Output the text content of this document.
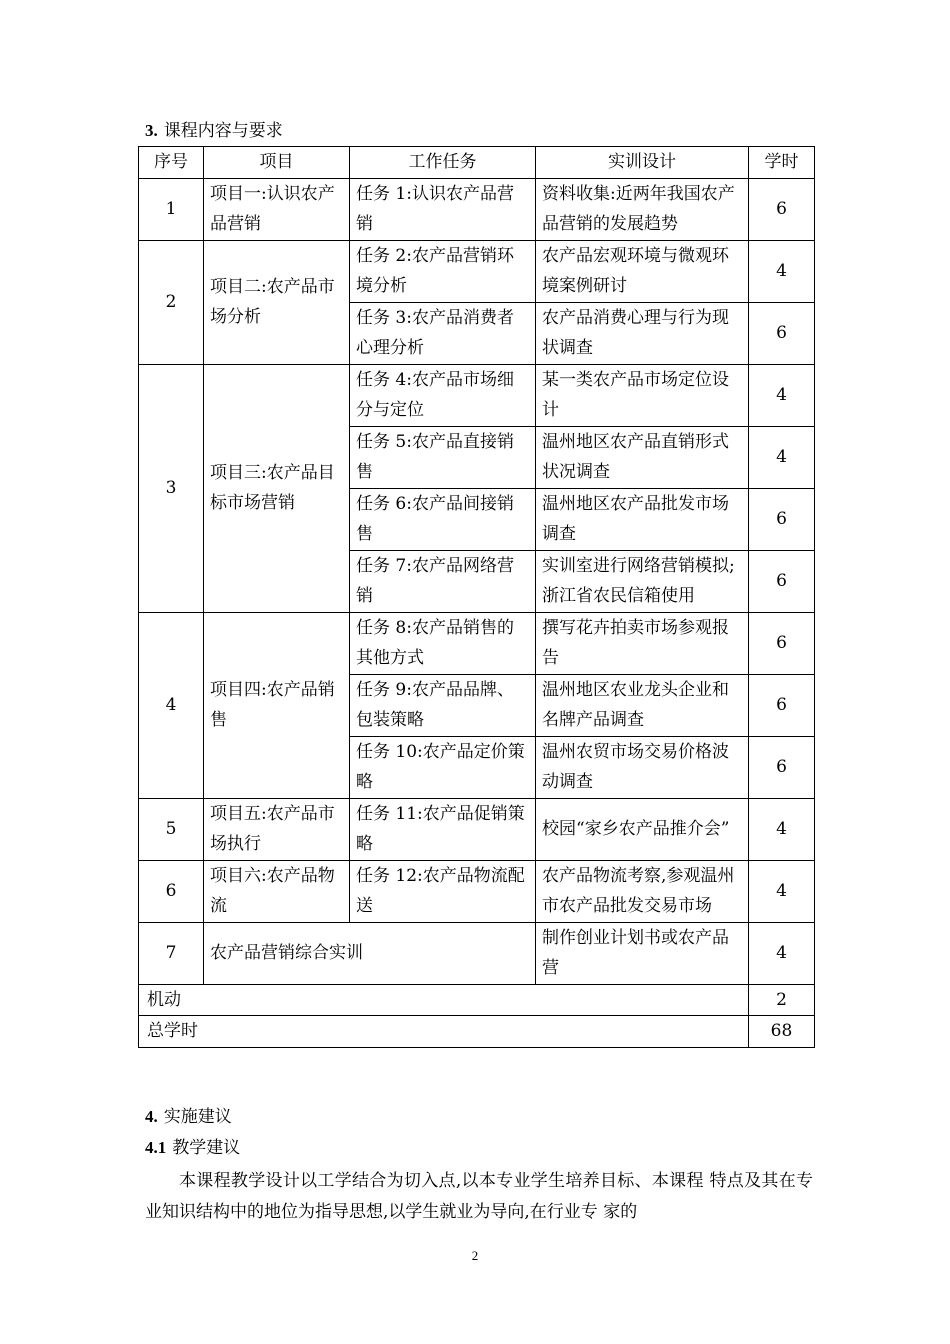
3. 课程内容与要求
序号	项目	工作任务	实训设计	学时
1	项目一:认识农产品营销	任务 1:认识农产品营销	资料收集:近两年我国农产品营销的发展趋势	6
2	项目二:农产品市场分析	任务 2:农产品营销环境分析	农产品宏观环境与微观环境案例研讨	4
		任务 3:农产品消费者心理分析	农产品消费心理与行为现状调查	6
3	项目三:农产品目标市场营销	任务 4:农产品市场细分与定位	某一类农产品市场定位设计	4
		任务 5:农产品直接销售	温州地区农产品直销形式状况调查	4
		任务 6:农产品间接销售	温州地区农产品批发市场调查	6
		任务 7:农产品网络营销	实训室进行网络营销模拟;浙江省农民信箱使用	6
4	项目四:农产品销售	任务 8:农产品销售的其他方式	撰写花卉拍卖市场参观报告	6
		任务 9:农产品品牌、包装策略	温州地区农业龙头企业和名牌产品调查	6
		任务 10:农产品定价策略	温州农贸市场交易价格波动调查	6
5	项目五:农产品市场执行	任务 11:农产品促销策略	校园“家乡农产品推介会”	4
6	项目六:农产品物流	任务 12:农产品物流配送	农产品物流考察,参观温州市农产品批发交易市场	4
7	农产品营销综合实训		制作创业计划书或农产品营	4
机动				2
总学时				68
4. 实施建议
4.1 教学建议
本课程教学设计以工学结合为切入点,以本专业学生培养目标、本课程 特点及其在专业知识结构中的地位为指导思想,以学生就业为导向,在行业专 家的
2
